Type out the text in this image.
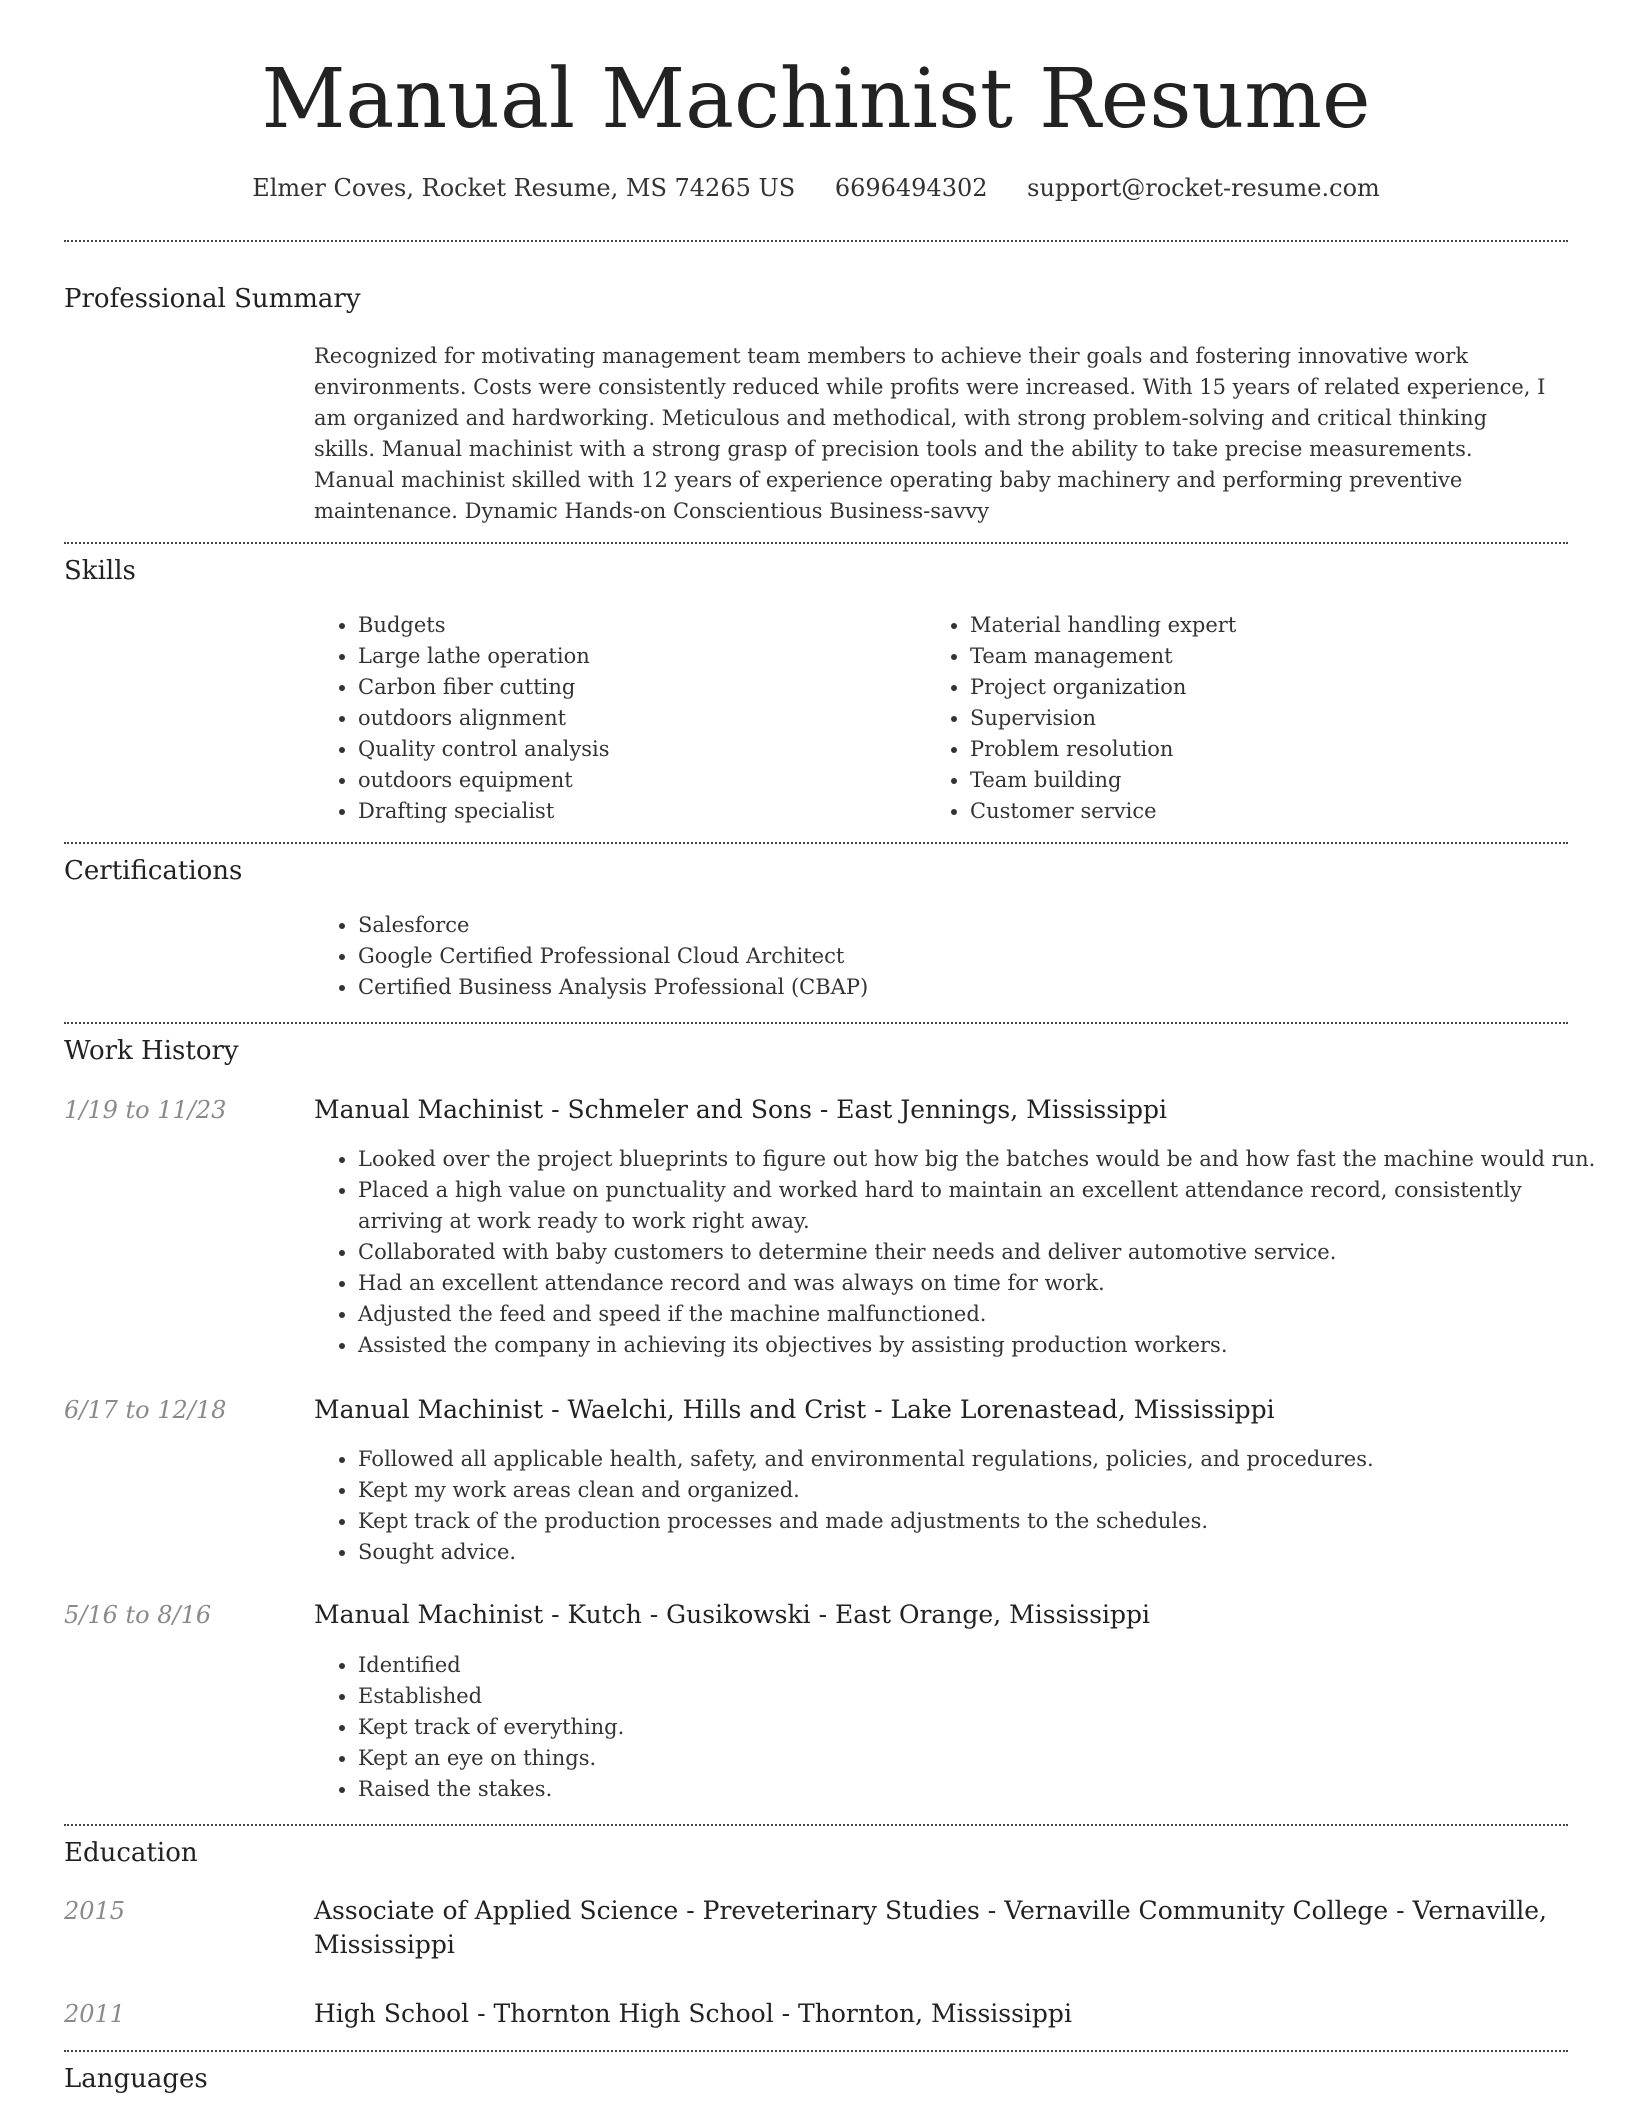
Manual Machinist Resume
Elmer Coves, Rocket Resume, MS 74265 US 6696494302 support@rocket-resume.com
Professional Summary
Recognized for motivating management team members to achieve their goals and fostering innovative work environments. Costs were consistently reduced while profits were increased. With 15 years of related experience, I am organized and hardworking. Meticulous and methodical, with strong problem-solving and critical thinking skills. Manual machinist with a strong grasp of precision tools and the ability to take precise measurements. Manual machinist skilled with 12 years of experience operating baby machinery and performing preventive maintenance. Dynamic Hands-on Conscientious Business-savvy
Skills
• Budgets
• Large lathe operation
• Carbon fiber cutting
• outdoors alignment
• Quality control analysis
• outdoors equipment
• Drafting specialist
• Material handling expert
• Team management
• Project organization
• Supervision
• Problem resolution
• Team building
• Customer service
Certifications
• Salesforce
• Google Certified Professional Cloud Architect
• Certified Business Analysis Professional (CBAP)
Work History
1/19 to 11/23	Manual Machinist - Schmeler and Sons - East Jennings, Mississippi
• Looked over the project blueprints to figure out how big the batches would be and how fast the machine would run.
• Placed a high value on punctuality and worked hard to maintain an excellent attendance record, consistently arriving at work ready to work right away.
• Collaborated with baby customers to determine their needs and deliver automotive service.
• Had an excellent attendance record and was always on time for work.
• Adjusted the feed and speed if the machine malfunctioned.
• Assisted the company in achieving its objectives by assisting production workers.
6/17 to 12/18	Manual Machinist - Waelchi, Hills and Crist - Lake Lorenastead, Mississippi
• Followed all applicable health, safety, and environmental regulations, policies, and procedures.
• Kept my work areas clean and organized.
• Kept track of the production processes and made adjustments to the schedules.
• Sought advice.
5/16 to 8/16	Manual Machinist - Kutch - Gusikowski - East Orange, Mississippi
• Identified
• Established
• Kept track of everything.
• Kept an eye on things.
• Raised the stakes.
Education
2015	Associate of Applied Science - Preveterinary Studies - Vernaville Community College - Vernaville, Mississippi
2011	High School - Thornton High School - Thornton, Mississippi
Languages
